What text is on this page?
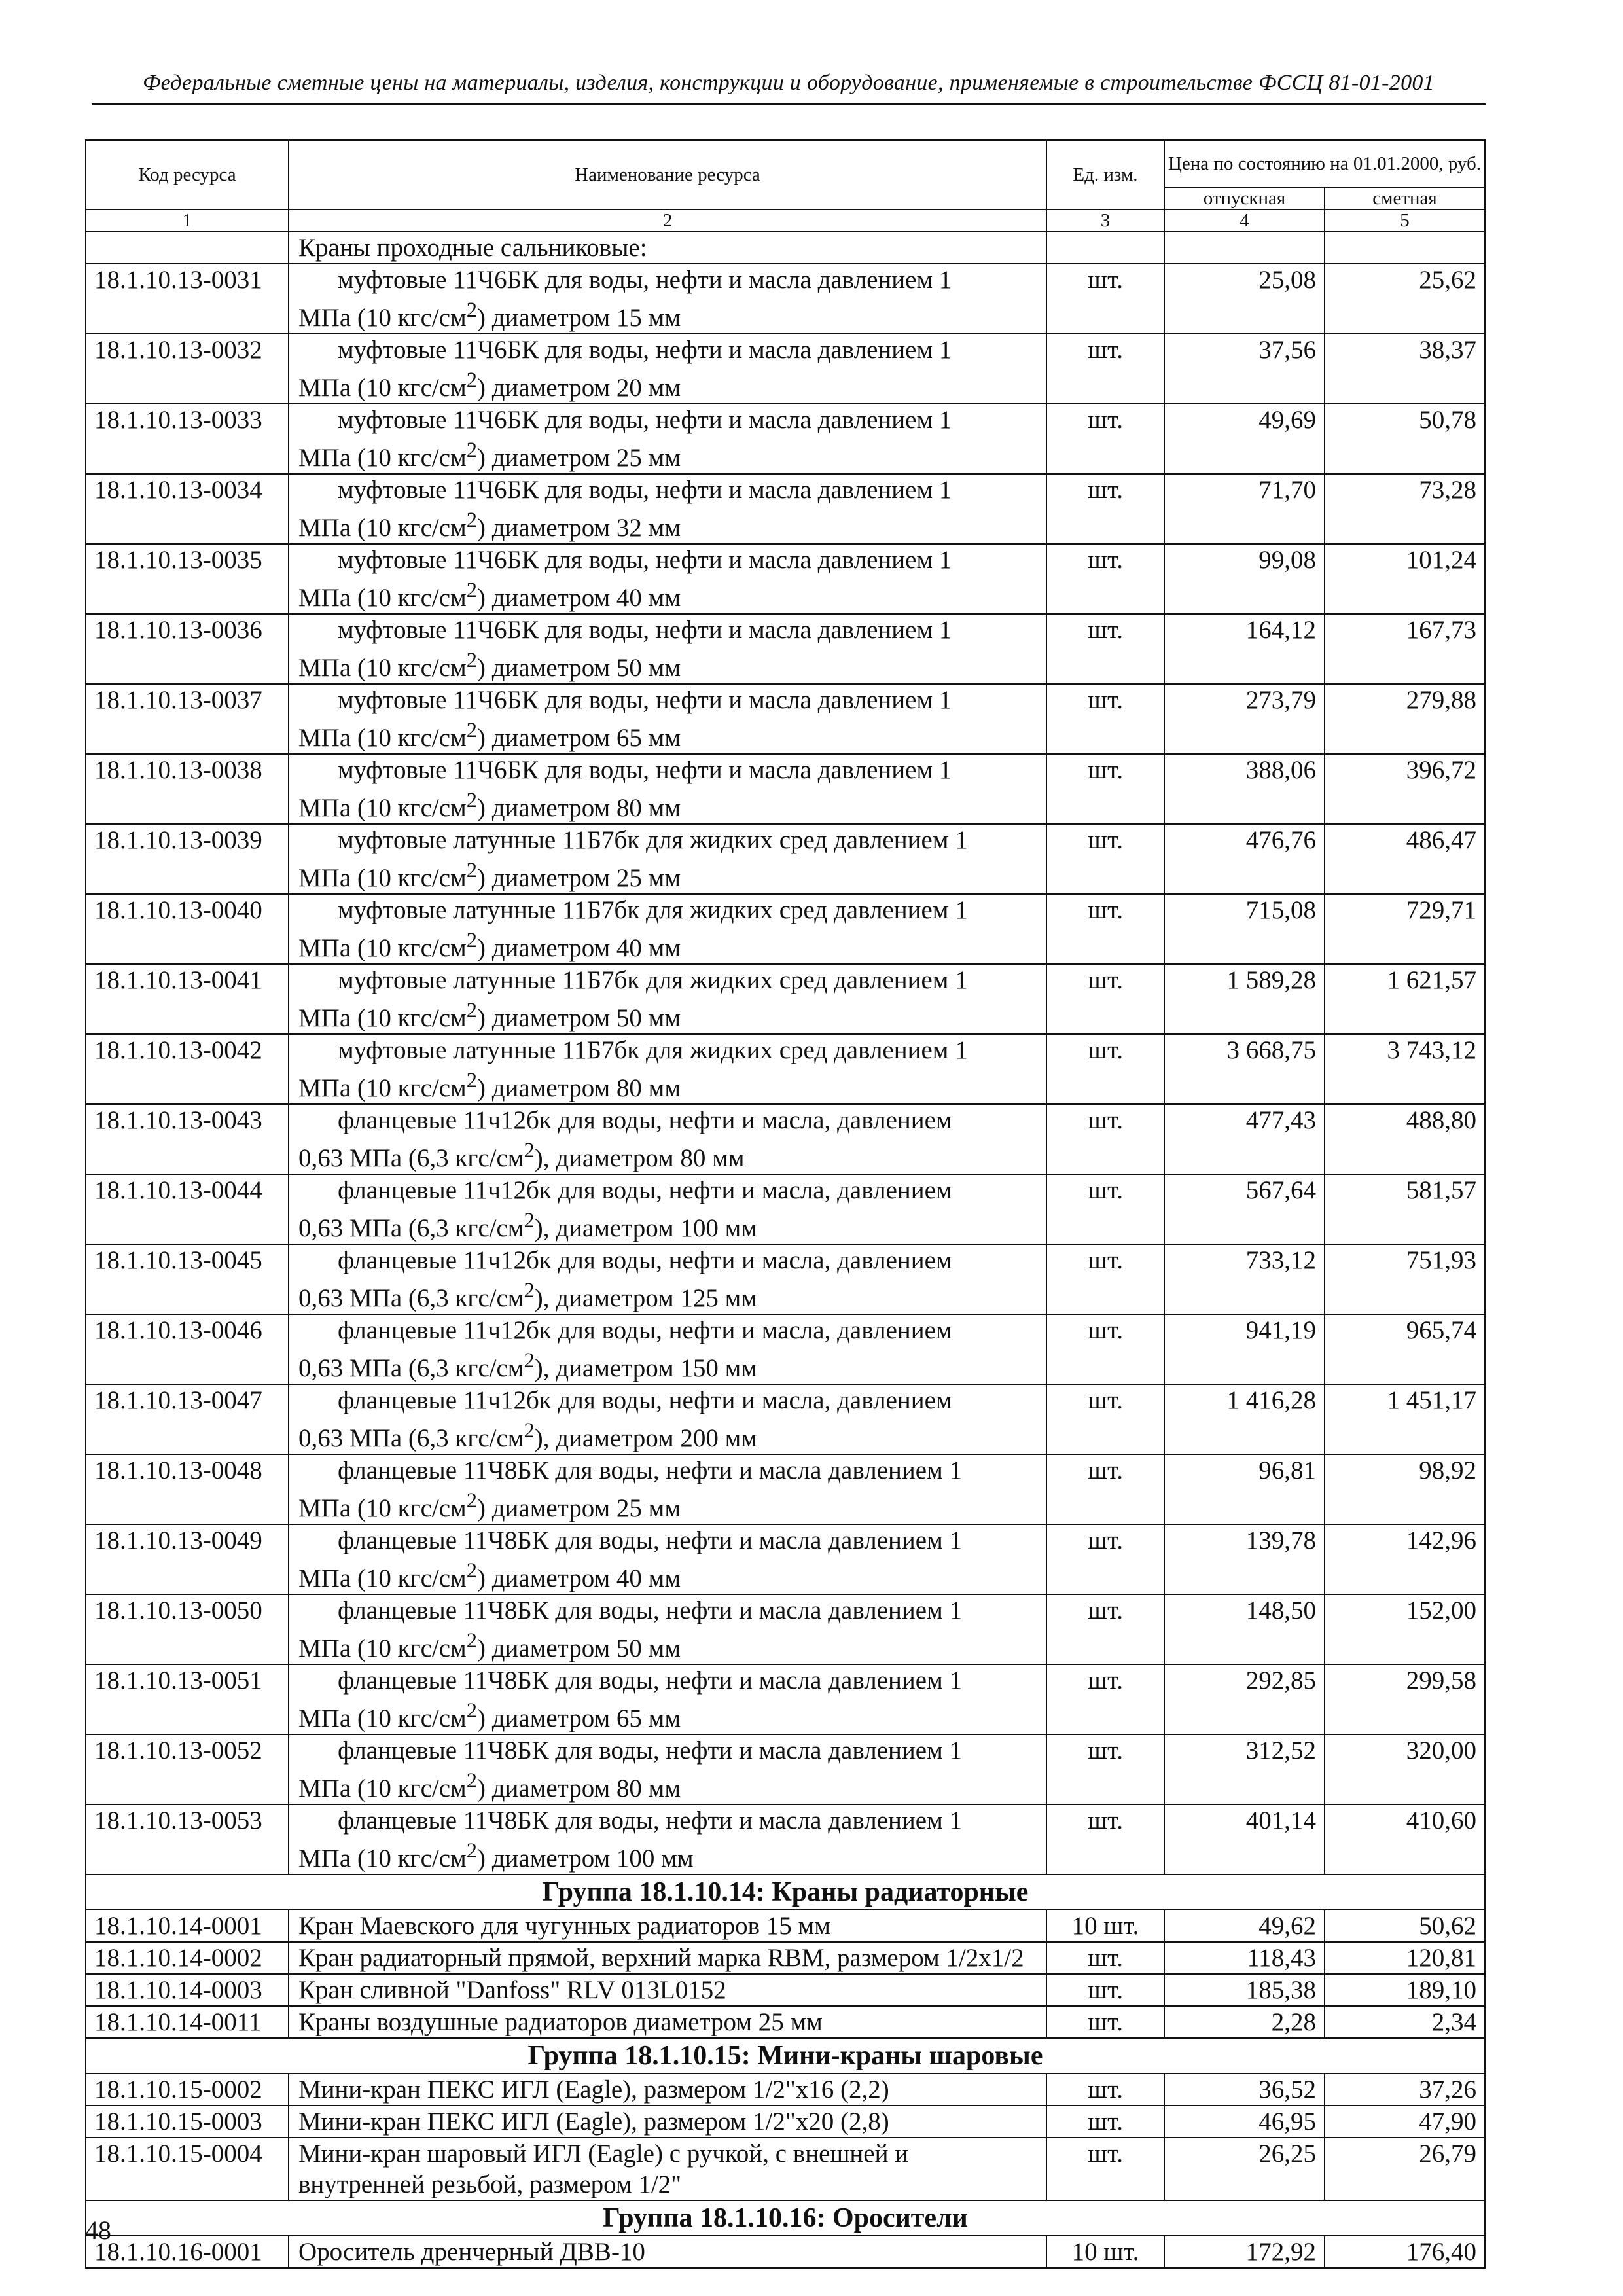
Федеральные сметные цены на материалы, изделия, конструкции и оборудование, применяемые в строительстве ФССЦ 81-01-2001
Код ресурса	Наименование ресурса	Ед. изм.	Цена по состоянию на 01.01.2000, руб.	
			отпускная	сметная
1	2	3	4	5
	Краны проходные сальниковые:			
18.1.10.13-0031	муфтовые 11Ч6БК для воды, нефти и масла давлением 1
МПа (10 кгс/$см^2$) диаметром 15 мм	шт.	25,08	25,62
18.1.10.13-0032	муфтовые 11Ч6БК для воды, нефти и масла давлением 1
МПа (10 кгс/$см^2$) диаметром 20 мм	шт.	37,56	38,37
18.1.10.13-0033	муфтовые 11Ч6БК для воды, нефти и масла давлением 1
МПа (10 кгс/$см^2$) диаметром 25 мм	шт.	49,69	50,78
18.1.10.13-0034	муфтовые 11Ч6БК для воды, нефти и масла давлением 1
МПа (10 кгс/$см^2$) диаметром 32 мм	шт.	71,70	73,28
18.1.10.13-0035	муфтовые 11Ч6БК для воды, нефти и масла давлением 1
МПа (10 кгс/$см^2$) диаметром 40 мм	шт.	99,08	101,24
18.1.10.13-0036	муфтовые 11Ч6БК для воды, нефти и масла давлением 1
МПа (10 кгс/$см^2$) диаметром 50 мм	шт.	164,12	167,73
18.1.10.13-0037	муфтовые 11Ч6БК для воды, нефти и масла давлением 1
МПа (10 кгс/$см^2$) диаметром 65 мм	шт.	273,79	279,88
18.1.10.13-0038	муфтовые 11Ч6БК для воды, нефти и масла давлением 1
МПа (10 кгс/$см^2$) диаметром 80 мм	шт.	388,06	396,72
18.1.10.13-0039	муфтовые латунные 11Б7бк для жидких сред давлением 1
МПа (10 кгс/$см^2$) диаметром 25 мм	шт.	476,76	486,47
18.1.10.13-0040	муфтовые латунные 11Б7бк для жидких сред давлением 1
МПа (10 кгс/$см^2$) диаметром 40 мм	шт.	715,08	729,71
18.1.10.13-0041	муфтовые латунные 11Б7бк для жидких сред давлением 1
МПа (10 кгс/$см^2$) диаметром 50 мм	шт.	1 589,28	1 621,57
18.1.10.13-0042	муфтовые латунные 11Б7бк для жидких сред давлением 1
МПа (10 кгс/$см^2$) диаметром 80 мм	шт.	3 668,75	3 743,12
18.1.10.13-0043	фланцевые 11ч12бк для воды, нефти и масла, давлением
0,63 МПа (6,3 кгс/$см^2$), диаметром 80 мм	шт.	477,43	488,80
18.1.10.13-0044	фланцевые 11ч12бк для воды, нефти и масла, давлением
0,63 МПа (6,3 кгс/$см^2$), диаметром 100 мм	шт.	567,64	581,57
18.1.10.13-0045	фланцевые 11ч12бк для воды, нефти и масла, давлением
0,63 МПа (6,3 кгс/$см^2$), диаметром 125 мм	шт.	733,12	751,93
18.1.10.13-0046	фланцевые 11ч12бк для воды, нефти и масла, давлением
0,63 МПа (6,3 кгс/$см^2$), диаметром 150 мм	шт.	941,19	965,74
18.1.10.13-0047	фланцевые 11ч12бк для воды, нефти и масла, давлением
0,63 МПа (6,3 кгс/$см^2$), диаметром 200 мм	шт.	1 416,28	1 451,17
18.1.10.13-0048	фланцевые 11Ч8БК для воды, нефти и масла давлением 1
МПа (10 кгс/$см^2$) диаметром 25 мм	шт.	96,81	98,92
18.1.10.13-0049	фланцевые 11Ч8БК для воды, нефти и масла давлением 1
МПа (10 кгс/$см^2$) диаметром 40 мм	шт.	139,78	142,96
18.1.10.13-0050	фланцевые 11Ч8БК для воды, нефти и масла давлением 1
МПа (10 кгс/$см^2$) диаметром 50 мм	шт.	148,50	152,00
18.1.10.13-0051	фланцевые 11Ч8БК для воды, нефти и масла давлением 1
МПа (10 кгс/$см^2$) диаметром 65 мм	шт.	292,85	299,58
18.1.10.13-0052	фланцевые 11Ч8БК для воды, нефти и масла давлением 1
МПа (10 кгс/$см^2$) диаметром 80 мм	шт.	312,52	320,00
18.1.10.13-0053	фланцевые 11Ч8БК для воды, нефти и масла давлением 1
МПа (10 кгс/$см^2$) диаметром 100 мм	шт.	401,14	410,60
Группа 18.1.10.14: Краны радиаторные				
18.1.10.14-0001	Кран Маевского для чугунных радиаторов 15 мм	10 шт.	49,62	50,62
18.1.10.14-0002	Кран радиаторный прямой, верхний марка RBM, размером 1/2x1/2	шт.	118,43	120,81
18.1.10.14-0003	Кран сливной "Danfoss" RLV 013L0152	шт.	185,38	189,10
18.1.10.14-0011	Краны воздушные радиаторов диаметром 25 мм	шт.	2,28	2,34
Группа 18.1.10.15: Мини-краны шаровые				
18.1.10.15-0002	Мини-кран ПЕКС ИГЛ (Eagle), размером 1/2"x16 (2,2)	шт.	36,52	37,26
18.1.10.15-0003	Мини-кран ПЕКС ИГЛ (Eagle), размером 1/2"x20 (2,8)	шт.	46,95	47,90
18.1.10.15-0004	Мини-кран шаровый ИГЛ (Eagle) с ручкой, с внешней и внутренней резьбой, размером 1/2"	шт.	26,25	26,79
Группа 18.1.10.16: Оросители				
18.1.10.16-0001	Ороситель дренчерный ДВВ-10	10 шт.	172,92	176,40
48
